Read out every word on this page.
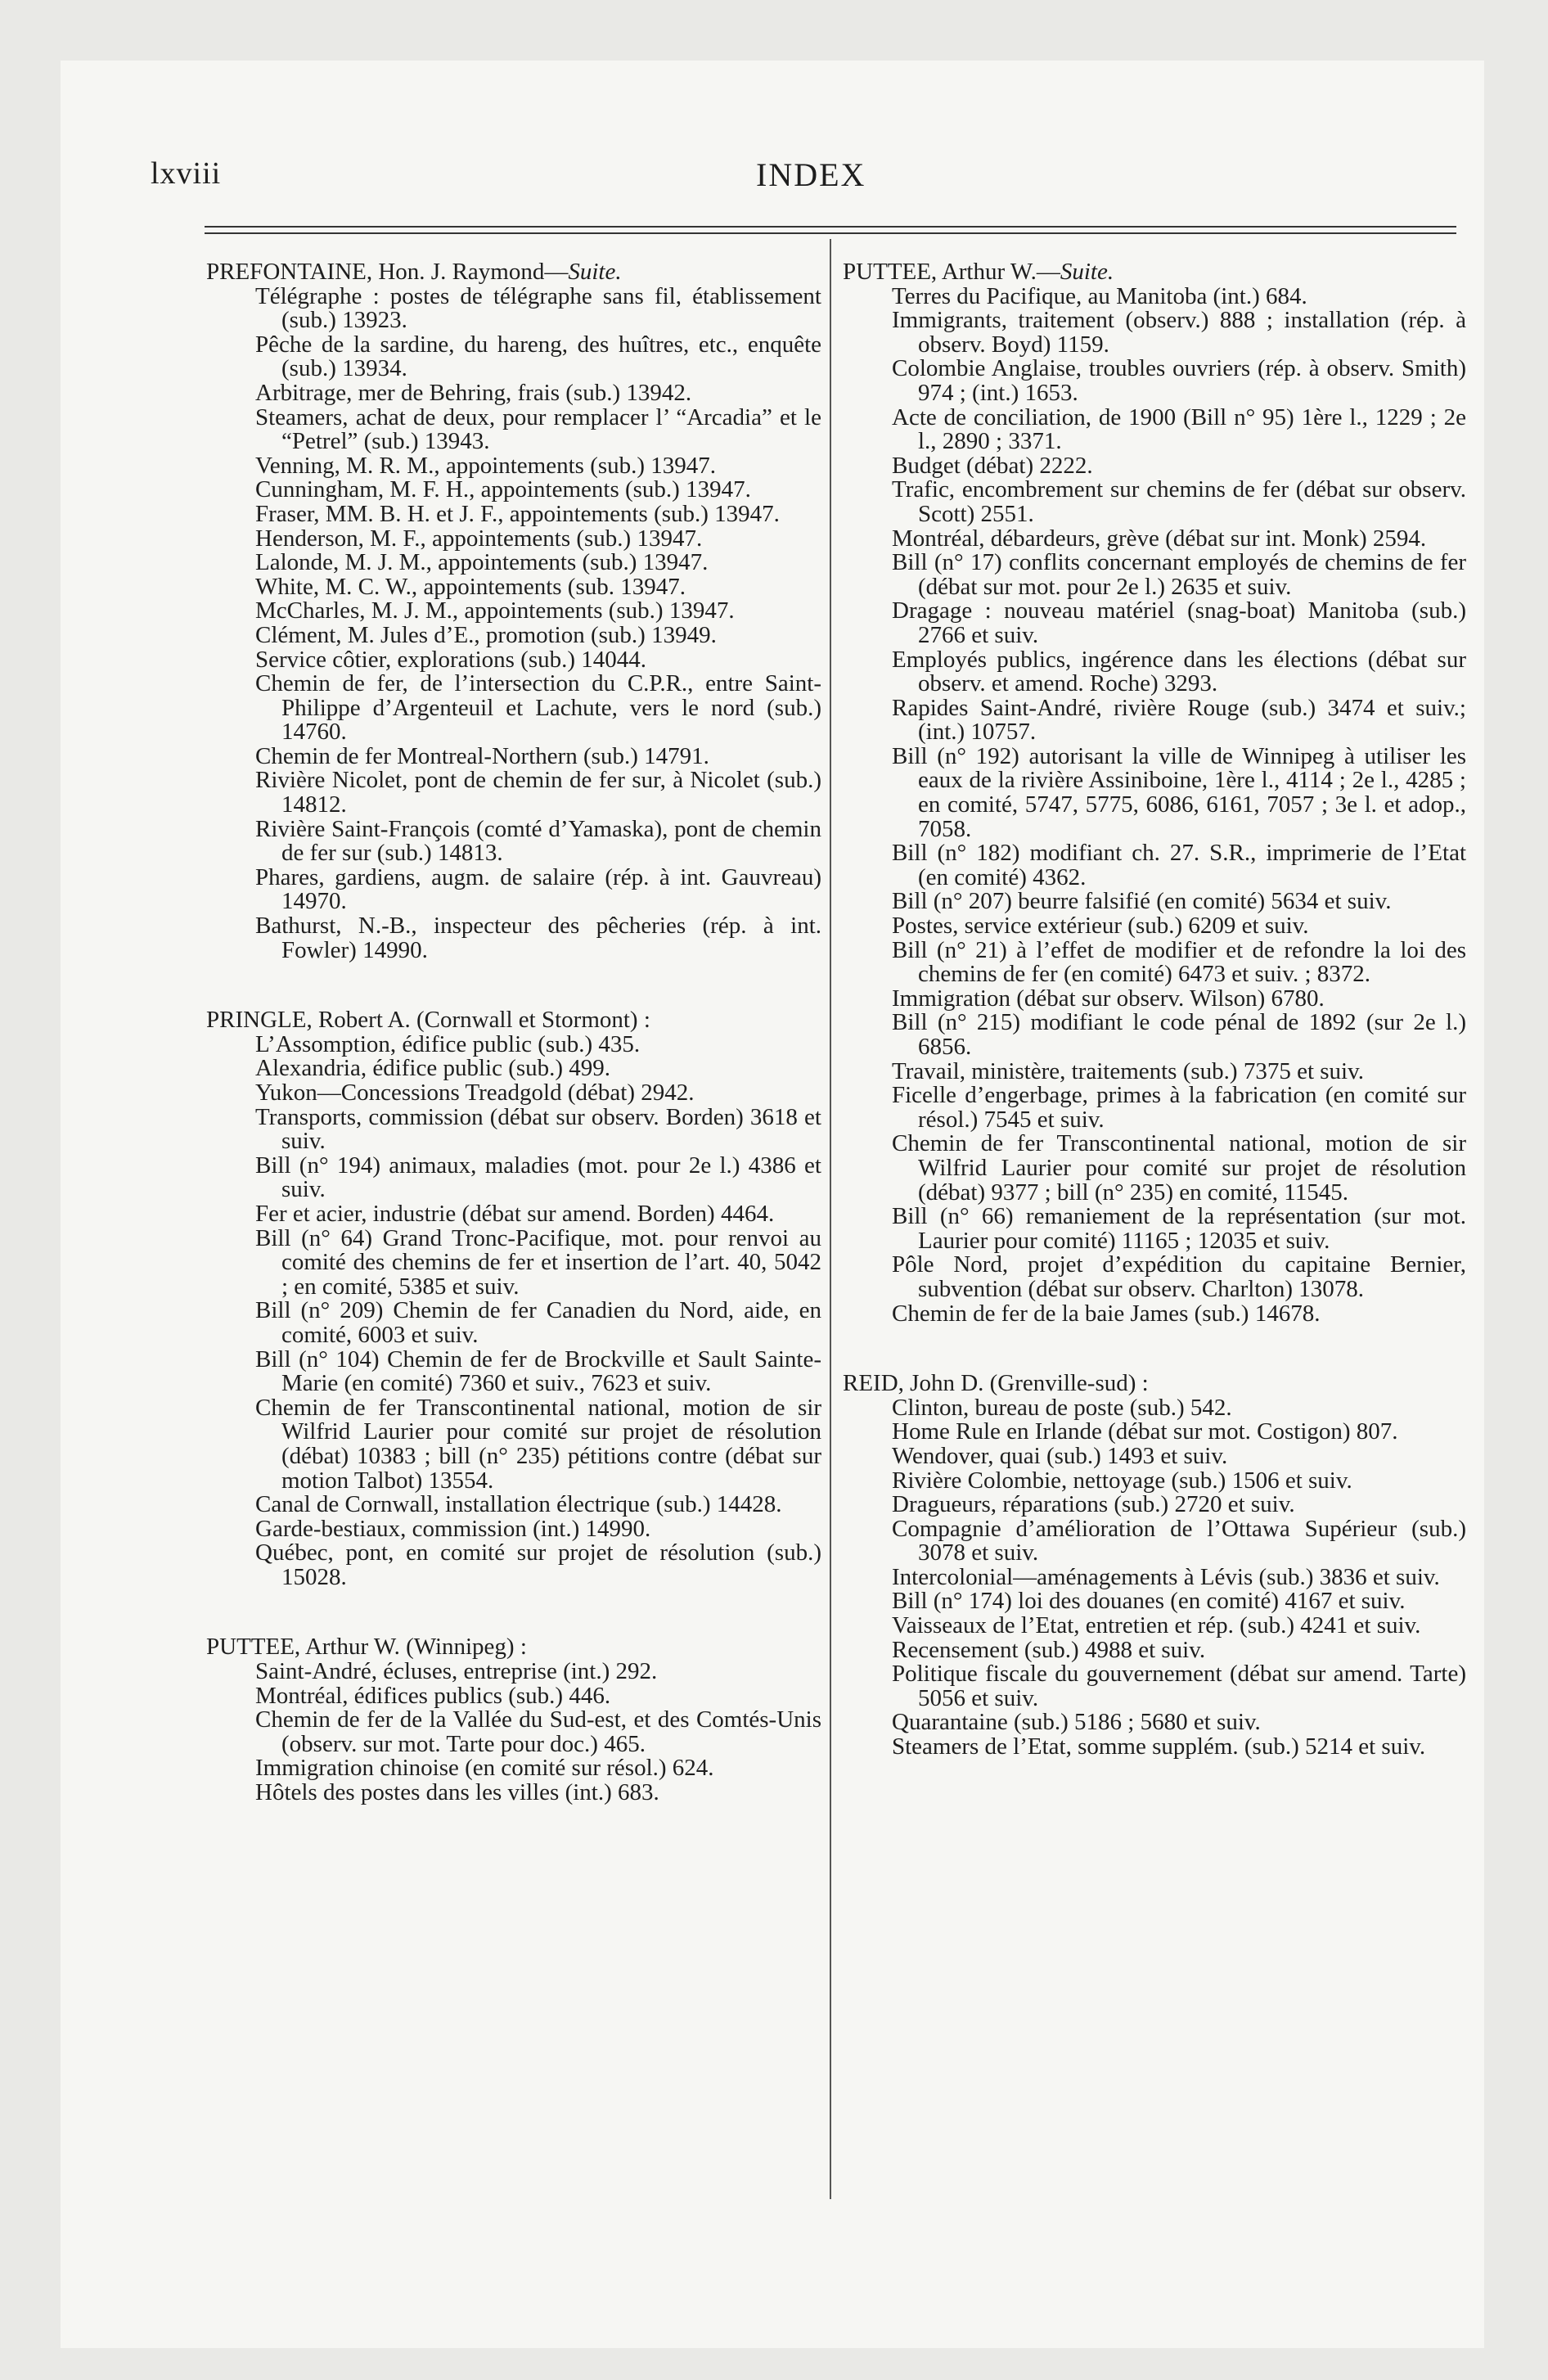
lxviii	INDEX

PREFONTAINE, Hon. J. Raymond—Suite.

Télégraphe : postes de télégraphe sans fil, établissement (sub.) 13923.

Pêche de la sardine, du hareng, des huîtres, etc., enquête (sub.) 13934.

Arbitrage, mer de Behring, frais (sub.) 13942.

Steamers, achat de deux, pour remplacer l’ “Arcadia” et le “Petrel” (sub.) 13943.

Venning, M. R. M., appointements (sub.) 13947.

Cunningham, M. F. H., appointements (sub.) 13947.

Fraser, MM. B. H. et J. F., appointements (sub.) 13947.

Henderson, M. F., appointements (sub.) 13947.

Lalonde, M. J. M., appointements (sub.) 13947.

White, M. C. W., appointements (sub. 13947.

McCharles, M. J. M., appointements (sub.) 13947.

Clément, M. Jules d’E., promotion (sub.) 13949.

Service côtier, explorations (sub.) 14044.

Chemin de fer, de l’intersection du C.P.R., entre Saint-Philippe d’Argenteuil et Lachute, vers le nord (sub.) 14760.

Chemin de fer Montreal-Northern (sub.) 14791.

Rivière Nicolet, pont de chemin de fer sur, à Nicolet (sub.) 14812.

Rivière Saint-François (comté d’Yamaska), pont de chemin de fer sur (sub.) 14813.

Phares, gardiens, augm. de salaire (rép. à int. Gauvreau) 14970.

Bathurst, N.-B., inspecteur des pêcheries (rép. à int. Fowler) 14990.

PRINGLE, Robert A. (Cornwall et Stormont) :

L’Assomption, édifice public (sub.) 435.

Alexandria, édifice public (sub.) 499.

Yukon—Concessions Treadgold (débat) 2942.

Transports, commission (débat sur observ. Borden) 3618 et suiv.

Bill (n° 194) animaux, maladies (mot. pour 2e l.) 4386 et suiv.

Fer et acier, industrie (débat sur amend. Borden) 4464.

Bill (n° 64) Grand Tronc-Pacifique, mot. pour renvoi au comité des chemins de fer et insertion de l’art. 40, 5042 ; en comité, 5385 et suiv.

Bill (n° 209) Chemin de fer Canadien du Nord, aide, en comité, 6003 et suiv.

Bill (n° 104) Chemin de fer de Brockville et Sault Sainte-Marie (en comité) 7360 et suiv., 7623 et suiv.

Chemin de fer Transcontinental national, motion de sir Wilfrid Laurier pour comité sur projet de résolution (débat) 10383 ; bill (n° 235) pétitions contre (débat sur motion Talbot) 13554.

Canal de Cornwall, installation électrique (sub.) 14428.

Garde-bestiaux, commission (int.) 14990.

Québec, pont, en comité sur projet de résolution (sub.) 15028.

PUTTEE, Arthur W. (Winnipeg) :

Saint-André, écluses, entreprise (int.) 292.

Montréal, édifices publics (sub.) 446.

Chemin de fer de la Vallée du Sud-est, et des Comtés-Unis (observ. sur mot. Tarte pour doc.) 465.

Immigration chinoise (en comité sur résol.) 624.

Hôtels des postes dans les villes (int.) 683.

PUTTEE, Arthur W.—Suite.

Terres du Pacifique, au Manitoba (int.) 684.

Immigrants, traitement (observ.) 888 ; installation (rép. à observ. Boyd) 1159.

Colombie Anglaise, troubles ouvriers (rép. à observ. Smith) 974 ; (int.) 1653.

Acte de conciliation, de 1900 (Bill n° 95) 1ère l., 1229 ; 2e l., 2890 ; 3371.

Budget (débat) 2222.

Trafic, encombrement sur chemins de fer (débat sur observ. Scott) 2551.

Montréal, débardeurs, grève (débat sur int. Monk) 2594.

Bill (n° 17) conflits concernant employés de chemins de fer (débat sur mot. pour 2e l.) 2635 et suiv.

Dragage : nouveau matériel (snag-boat) Manitoba (sub.) 2766 et suiv.

Employés publics, ingérence dans les élections (débat sur observ. et amend. Roche) 3293.

Rapides Saint-André, rivière Rouge (sub.) 3474 et suiv.; (int.) 10757.

Bill (n° 192) autorisant la ville de Winnipeg à utiliser les eaux de la rivière Assiniboine, 1ère l., 4114 ; 2e l., 4285 ; en comité, 5747, 5775, 6086, 6161, 7057 ; 3e l. et adop., 7058.

Bill (n° 182) modifiant ch. 27. S.R., imprimerie de l’Etat (en comité) 4362.

Bill (n° 207) beurre falsifié (en comité) 5634 et suiv.

Postes, service extérieur (sub.) 6209 et suiv.

Bill (n° 21) à l’effet de modifier et de refondre la loi des chemins de fer (en comité) 6473 et suiv. ; 8372.

Immigration (débat sur observ. Wilson) 6780.

Bill (n° 215) modifiant le code pénal de 1892 (sur 2e l.) 6856.

Travail, ministère, traitements (sub.) 7375 et suiv.

Ficelle d’engerbage, primes à la fabrication (en comité sur résol.) 7545 et suiv.

Chemin de fer Transcontinental national, motion de sir Wilfrid Laurier pour comité sur projet de résolution (débat) 9377 ; bill (n° 235) en comité, 11545.

Bill (n° 66) remaniement de la représentation (sur mot. Laurier pour comité) 11165 ; 12035 et suiv.

Pôle Nord, projet d’expédition du capitaine Bernier, subvention (débat sur observ. Charlton) 13078.

Chemin de fer de la baie James (sub.) 14678.

REID, John D. (Grenville-sud) :

Clinton, bureau de poste (sub.) 542.

Home Rule en Irlande (débat sur mot. Costigon) 807.

Wendover, quai (sub.) 1493 et suiv.

Rivière Colombie, nettoyage (sub.) 1506 et suiv.

Dragueurs, réparations (sub.) 2720 et suiv.

Compagnie d’amélioration de l’Ottawa Supérieur (sub.) 3078 et suiv.

Intercolonial—aménagements à Lévis (sub.) 3836 et suiv.

Bill (n° 174) loi des douanes (en comité) 4167 et suiv.

Vaisseaux de l’Etat, entretien et rép. (sub.) 4241 et suiv.

Recensement (sub.) 4988 et suiv.

Politique fiscale du gouvernement (débat sur amend. Tarte) 5056 et suiv.

Quarantaine (sub.) 5186 ; 5680 et suiv.

Steamers de l’Etat, somme supplém. (sub.) 5214 et suiv.
